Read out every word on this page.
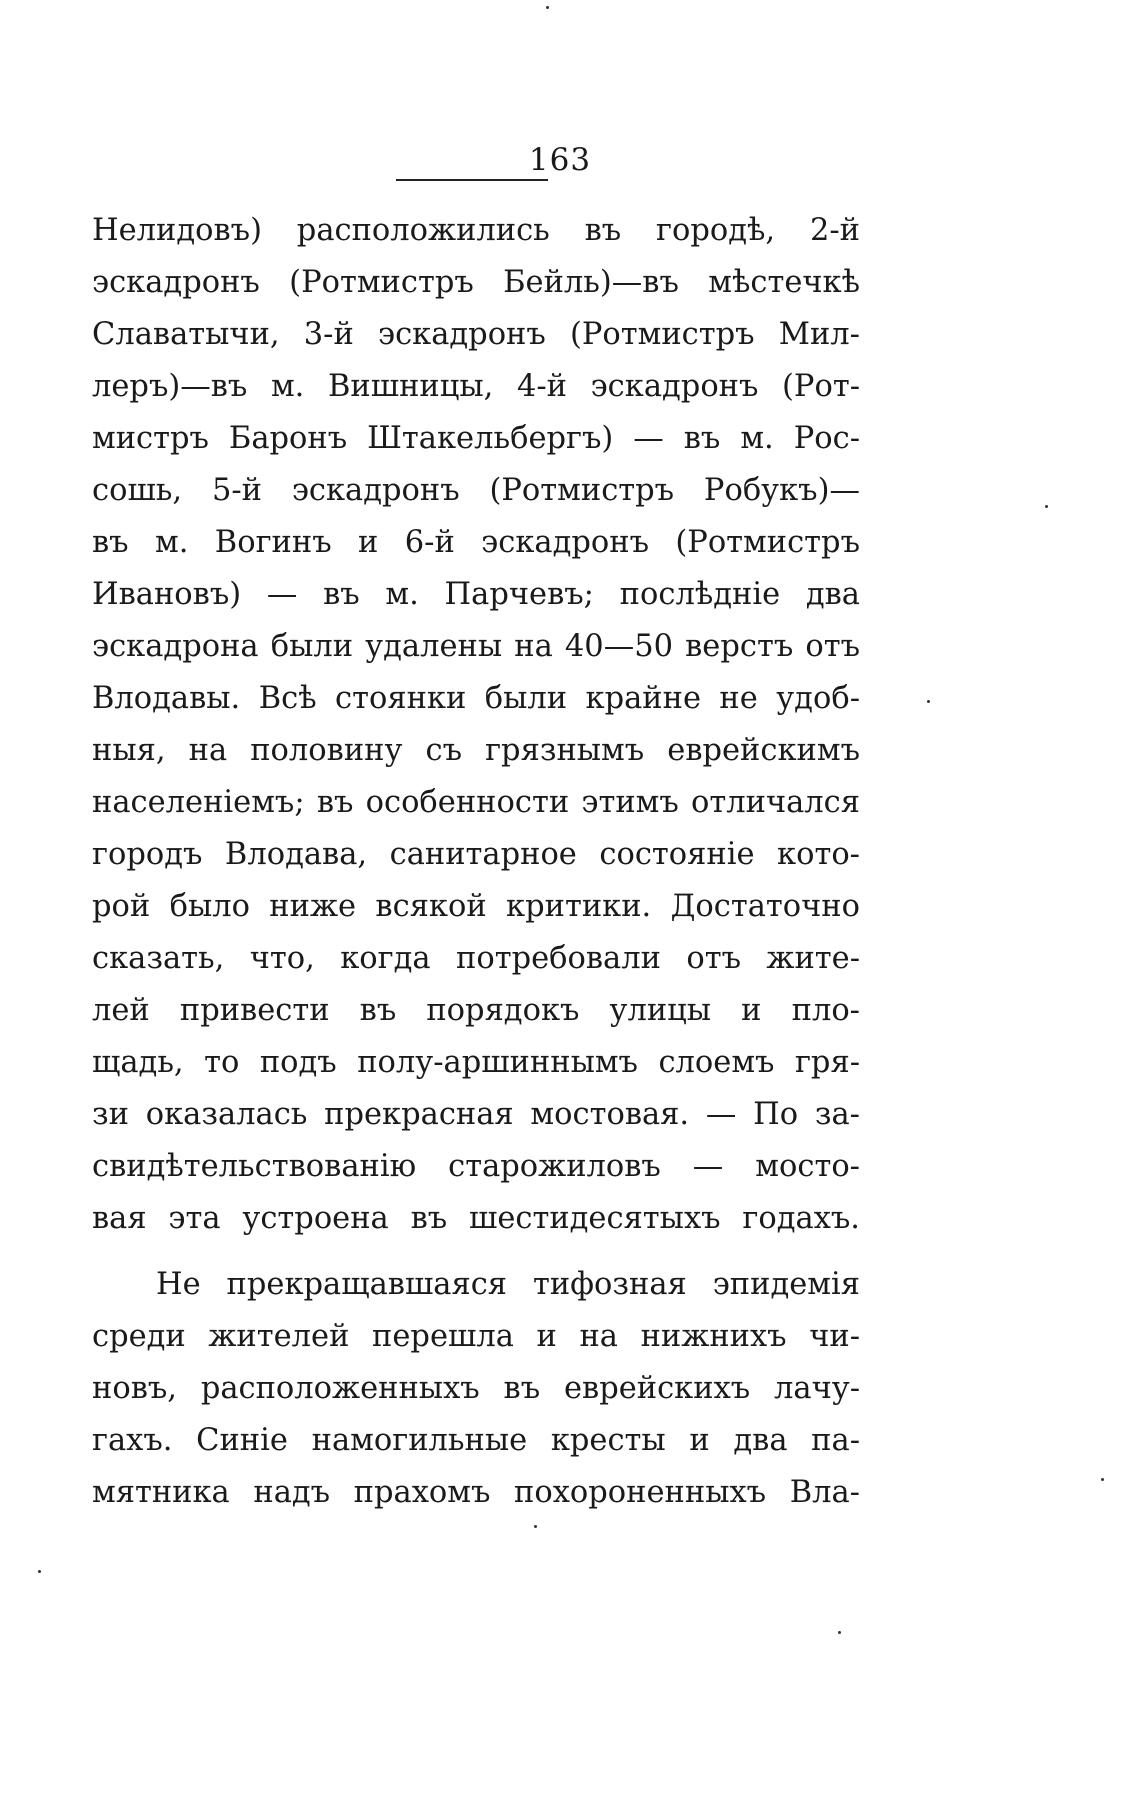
163
Нелидовъ) расположились въ городѣ, 2-й
эскадронъ (Ротмистръ Бейль)—въ мѣстечкѣ
Славатычи, 3-й эскадронъ (Ротмистръ Мил-
леръ)—въ м. Вишницы, 4-й эскадронъ (Рот-
мистръ Баронъ Штакельбергъ) — въ м. Рос-
сошь, 5-й эскадронъ (Ротмистръ Робукъ)—
въ м. Вогинъ и 6-й эскадронъ (Ротмистръ
Ивановъ) — въ м. Парчевъ; послѣдніе два
эскадрона были удалены на 40—50 верстъ отъ
Влодавы. Всѣ стоянки были крайне не удоб-
ныя, на половину съ грязнымъ еврейскимъ
населеніемъ; въ особенности этимъ отличался
городъ Влодава, санитарное состояніе кото-
рой было ниже всякой критики. Достаточно
сказать, что, когда потребовали отъ жите-
лей привести въ порядокъ улицы и пло-
щадь, то подъ полу-аршиннымъ слоемъ гря-
зи оказалась прекрасная мостовая. — По за-
свидѣтельствованію старожиловъ — мосто-
вая эта устроена въ шестидесятыхъ годахъ.
Не прекращавшаяся тифозная эпидемія
среди жителей перешла и на нижнихъ чи-
новъ, расположенныхъ въ еврейскихъ лачу-
гахъ. Синіе намогильные кресты и два па-
мятника надъ прахомъ похороненныхъ Вла-
